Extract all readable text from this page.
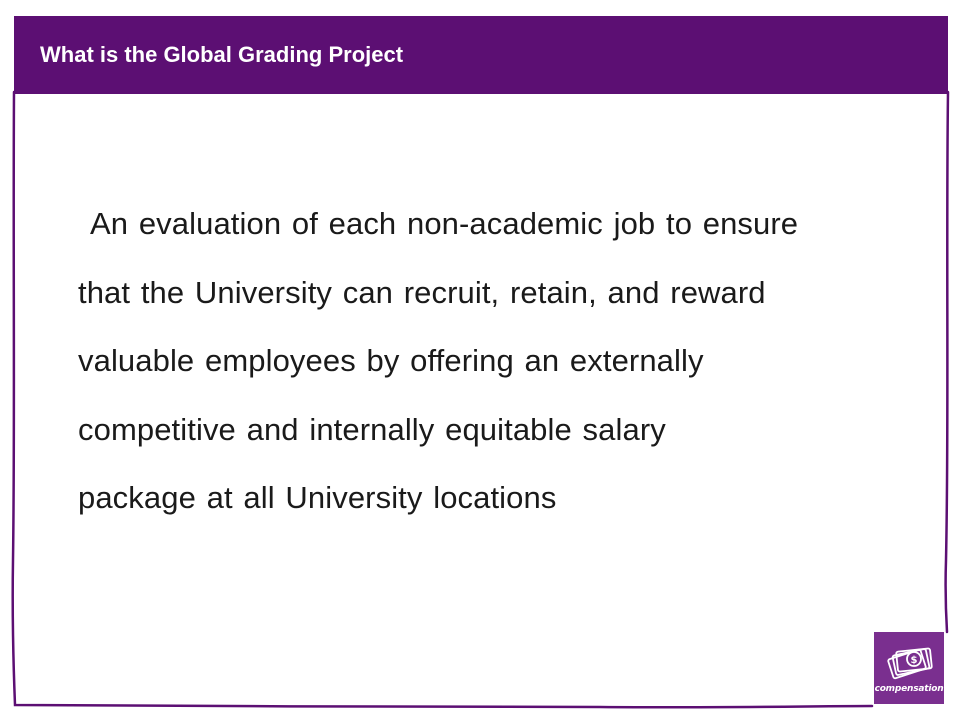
What is the Global Grading Project
An evaluation of each non-academic job to ensure
that the University can recruit, retain, and reward
valuable employees by offering an externally
competitive and internally equitable salary
package at all University locations
$
compensation
